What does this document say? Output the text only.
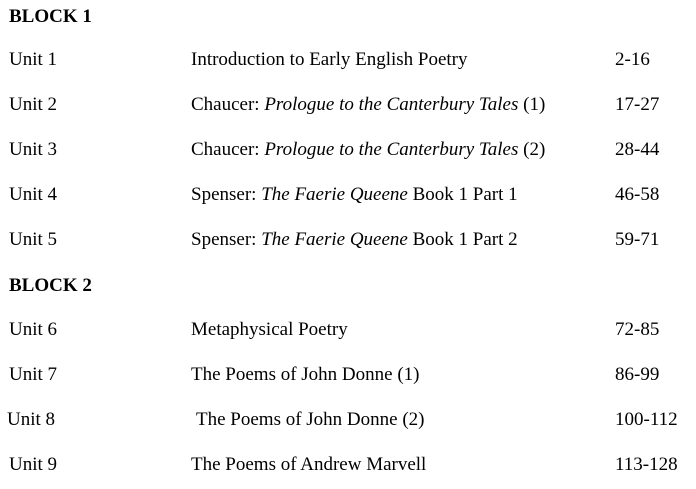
BLOCK 1
Unit 1	Introduction to Early English Poetry	2-16
Unit 2	Chaucer: Prologue to the Canterbury Tales (1)	17-27
Unit 3	Chaucer: Prologue to the Canterbury Tales (2)	28-44
Unit 4	Spenser: The Faerie Queene Book 1 Part 1	46-58
Unit 5	Spenser: The Faerie Queene Book 1 Part 2	59-71
BLOCK 2
Unit 6	Metaphysical Poetry	72-85
Unit 7	The Poems of John Donne (1)	86-99
Unit 8	The Poems of John Donne (2)	100-112
Unit 9	The Poems of Andrew Marvell	113-128
